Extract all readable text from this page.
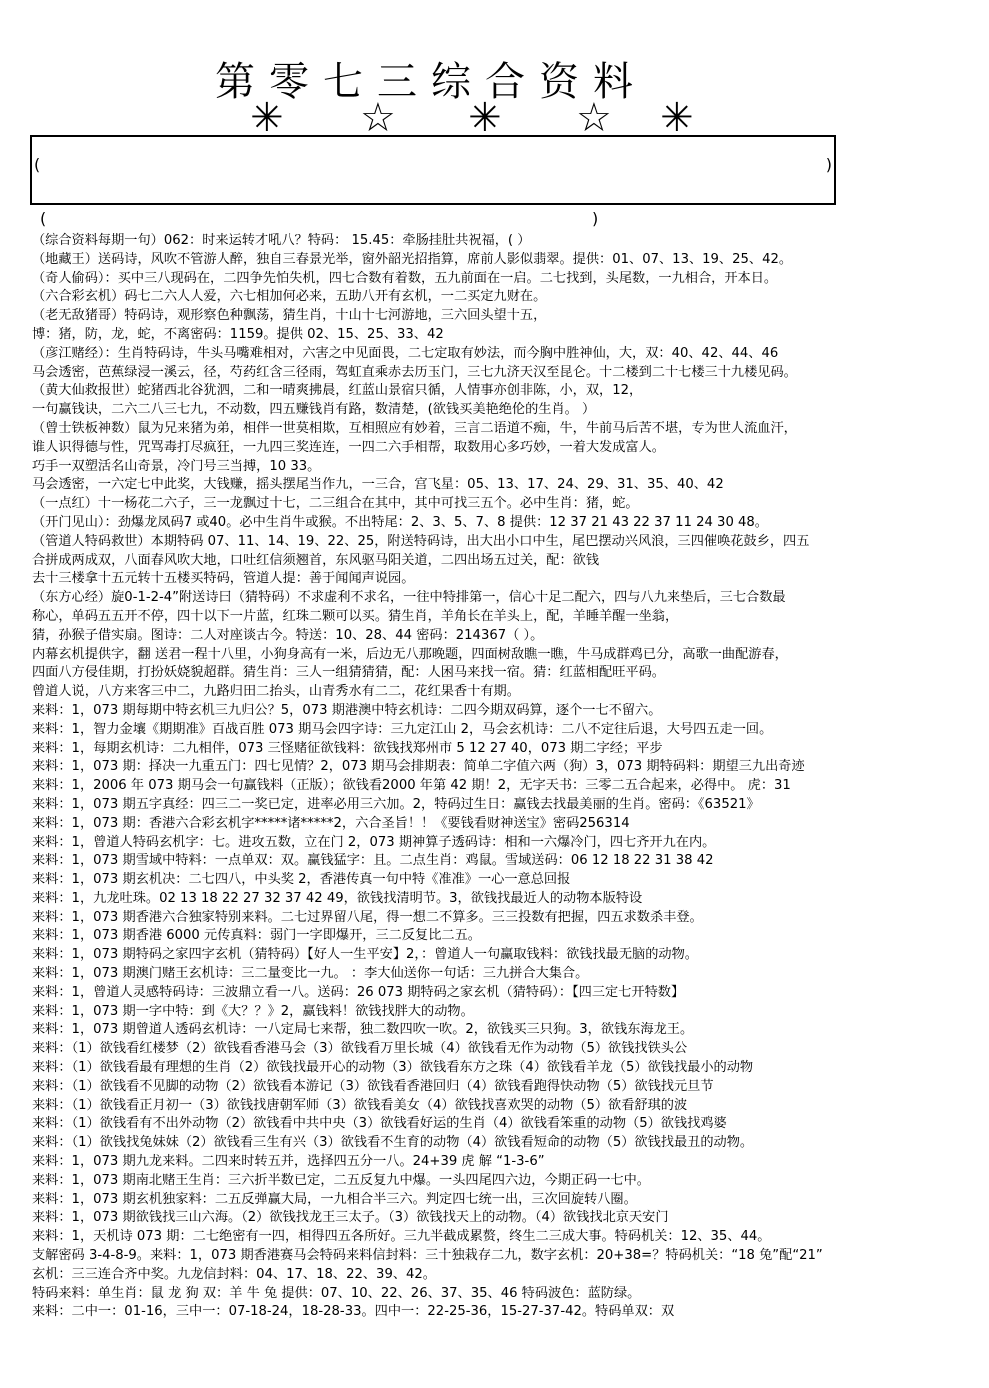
第零七三综合资料
✳ ☆ ✳ ☆ ✳
(	)
(	)
（综合资料每期一句）062：时来运转才吼八？特码： 15.45：牵肠挂肚共祝福，( ）
（地藏王）送码诗，风吹不管游人醉，独自三春景光举，窗外韶光招指算，席前人影似翡翠。提供：01、07、13、19、25、42。
（奇人偷码）：买中三八现码在，二四争先怕失机，四七合数有着数，五九前面在一启。二七找到，头尾数，一九相合，开本日。
（六合彩玄机）码七二六人人爱，六七相加何必来，五助八开有玄机，一二买定九财在。
（老无敌猪哥）特码诗，观形察色种飘荡，猜生肖，十山十七河游地，三六回头望十五，
博：猪，防，龙，蛇，不离密码：1159。提供 02、15、25、33、42
（彦江赌经）：生肖特码诗，牛头马嘴难相对，六害之中见面畏，二七定取有妙法，而今胸中胜神仙，大，双：40、42、44、46
马会透密，芭蕉绿浸一溪云，径，芍药红含三径雨，驾虹直乘赤去历玉门，三七九济天汉至昆仑。十二楼到二十七楼三十九楼见码。
（黄大仙救报世）蛇猪西北谷犹泗，二和一晴爽拂晨，红蓝山景宿只循，人情事亦创非陈，小，双，12，
一句赢钱诀，二六二八三七九，不动数，四五赚钱肖有路，数清楚，(欲钱买美艳绝伦的生肖。 ）
（曾士铁板神数）鼠为兄来猪为弟，相伴一世莫相欺，互相照应有妙着，三言二语道不痴，牛，牛前马后苦不堪，专为世人流血汗，
谁人识得德与性，咒骂毒打尽疯狂，一九四三奖连连，一四二六手相帮，取数用心多巧妙，一着大发成富人。
巧手一双塑活名山奇景，冷门号三当搏，10 33。
马会透密，一六定七中此奖，大钱赚，摇头摆尾当作九，一三合，宫飞星：05、13、17、24、29、31、35、40、42
（一点红）十一杨花二六子，三一龙飘过十七，二三组合在其中，其中可找三五个。必中生肖：猪，蛇。
（开门见山）：劲爆龙凤码7 或40。必中生肖牛或猴。不出特尾：2、3、5、7、8 提供：12 37 21 43 22 37 11 24 30 48。
（管道人特码救世）本期特码 07、11、14、19、22、25，附送特码诗，出大出小口中生，尾巴摆动兴风浪，三四催唤花鼓乡，四五
合拼成两成双，八面春风吹大地，口吐红信须翘首，东风驱马阳关道，二四出场五过关，配：欲钱
去十三楼拿十五元转十五楼买特码，管道人提：善于闻闻声说园。
（东方心经）旋0-1-2-4”附送诗曰（猜特码）不求虚利不求名，一往中特排第一，信心十足二配六，四与八九来垫后，三七合数最
称心，单码五五开不停，四十以下一片蓝，红珠二颗可以买。猜生肖，羊角长在羊头上，配，羊睡羊醒一坐翁，
猜，孙猴子借实扇。图诗：二人对座谈古今。特送：10、28、44 密码：214367（ ）。
内幕玄机提供字，翻 送君一程十八里，小狗身高有一米，后边无八那晚题，四面树敌瞧一瞧，牛马成群鸡已分，高歌一曲配游春，
四面八方侵佳期，打扮妖娆貌超群。猜生肖：三人一组猜猜猜，配：人困马来找一宿。猜：红蓝相配旺平码。
曾道人说，八方来客三中二，九路归田二抬头，山青秀水有二二，花红果香十有期。
来料：1，073 期每期中特玄机三九归公？5，073 期港澳中特玄机诗：二四今期双码算，逐个一七不留六。
来料：1，智力金壤《期期准》百战百胜 073 期马会四字诗：三九定江山 2，马会玄机诗：二八不定往后退，大号四五走一回。
来料：1，每期玄机诗：二九相伴，073 三怪赌征欲钱料：欲钱找郑州市 5 12 27 40，073 期二字经；平步
来料：1，073 期：择决一九重五门：四七见情？2，073 期马会排期表：简单二字值六两（狗）3，073 期特码料：期望三九出奇迹
来料：1，2006 年 073 期马会一句赢钱料（正版）；欲钱看2000 年第 42 期！2，无字天书：三零二五合起来，必得中。 虎：31
来料：1，073 期五字真经：四三二一奖已定，进率必用三六加。2，特码过生日：赢钱去找最美丽的生肖。密码：《63521》
来料：1，073 期：香港六合彩玄机字*****诸*****2，六合圣旨！！《要钱看财神送宝》密码256314
来料：1，曾道人特码玄机字：七。进攻五数，立在门 2，073 期神算子透码诗：相和一六爆冷门，四七齐开九在内。
来料：1，073 期雪域中特料：一点单双：双。赢钱猛字：且。二点生肖：鸡鼠。雪域送码：06 12 18 22 31 38 42
来料：1，073 期玄机决：二七四八，中头奖 2，香港传真一句中特《准准》一心一意总回报
来料：1，九龙吐珠。02 13 18 22 27 32 37 42 49，欲钱找清明节。3，欲钱找最近人的动物本版特设
来料：1，073 期香港六合独家特别来料。二七过界留八尾，得一想二不算多。三三投数有把握，四五求数杀丰登。
来料：1，073 期香港 6000 元传真料：弱门一字即爆开，三二反复比二五。
来料：1，073 期特码之家四字玄机（猜特码）【好人一生平安】2，：曾道人一句赢取钱料：欲钱找最无脑的动物。
来料：1，073 期澳门赌王玄机诗：三二量变比一九。 ：李大仙送你一句话：三九拼合大集合。
来料：1，曾道人灵感特码诗：三波鼎立看一八。送码：26 073 期特码之家玄机（猜特码）：【四三定七开特数】
来料：1，073 期一字中特：到《大？？》2，赢钱料！欲钱找胖大的动物。
来料：1，073 期曾道人透码玄机诗：一八定局七来帮，独二数四吹一吹。2，欲钱买三只狗。3，欲钱东海龙王。
来料：（1）欲钱看红楼梦（2）欲钱看香港马会（3）欲钱看万里长城（4）欲钱看无作为动物（5）欲钱找铁头公
来料：（1）欲钱看最有理想的生肖（2）欲钱找最开心的动物（3）欲钱看东方之珠（4）欲钱看羊龙（5）欲钱找最小的动物
来料：（1）欲钱看不见脚的动物（2）欲钱看本游记（3）欲钱看香港回归（4）欲钱看跑得快动物（5）欲钱找元旦节
来料：（1）欲钱看正月初一（3）欲钱找唐朝军师（3）欲钱看美女（4）欲钱找喜欢哭的动物（5）欲看舒琪的波
来料：（1）欲钱看有不出外动物（2）欲钱看中共中央（3）欲钱看好运的生肖（4）欲钱看笨重的动物（5）欲钱找鸡婆
来料：（1）欲钱找兔妹妹（2）欲钱看三生有兴（3）欲钱看不生育的动物（4）欲钱看短命的动物（5）欲钱找最丑的动物。
来料：1，073 期九龙来料。二四来时转五并，选择四五分一八。24+39 虎 解 “1-3-6”
来料：1，073 期南北赌王生肖：三六折半数已定，二五反复九中爆。一头四尾四六边，今期正码一七中。
来料：1，073 期玄机独家料：二五反弹赢大局，一九相合半三六。判定四七统一出，三次回旋转八圈。
来料：1，073 期欲钱找三山六海。（2）欲钱找龙王三太子。（3）欲钱找天上的动物。（4）欲钱找北京天安门
来料：1，天机诗 073 期：二七绝密有一四，相得四五各所好。三九半截成累赘，终生二三成大事。特码机关：12、35、44。
支解密码 3-4-8-9。来料：1，073 期香港赛马会特码来料信封料：三十独栽存二九，数字玄机：20+38=？特码机关：“18 兔”配“21”
玄机：三三连合齐中奖。九龙信封料：04、17、18、22、39、42。
特码来料：单生肖：鼠 龙 狗 双：羊 牛 兔 提供：07、10、22、26、37、35、46 特码波色：蓝防绿。
来料：二中一：01-16，三中一：07-18-24，18-28-33。四中一：22-25-36，15-27-37-42。特码单双：双
